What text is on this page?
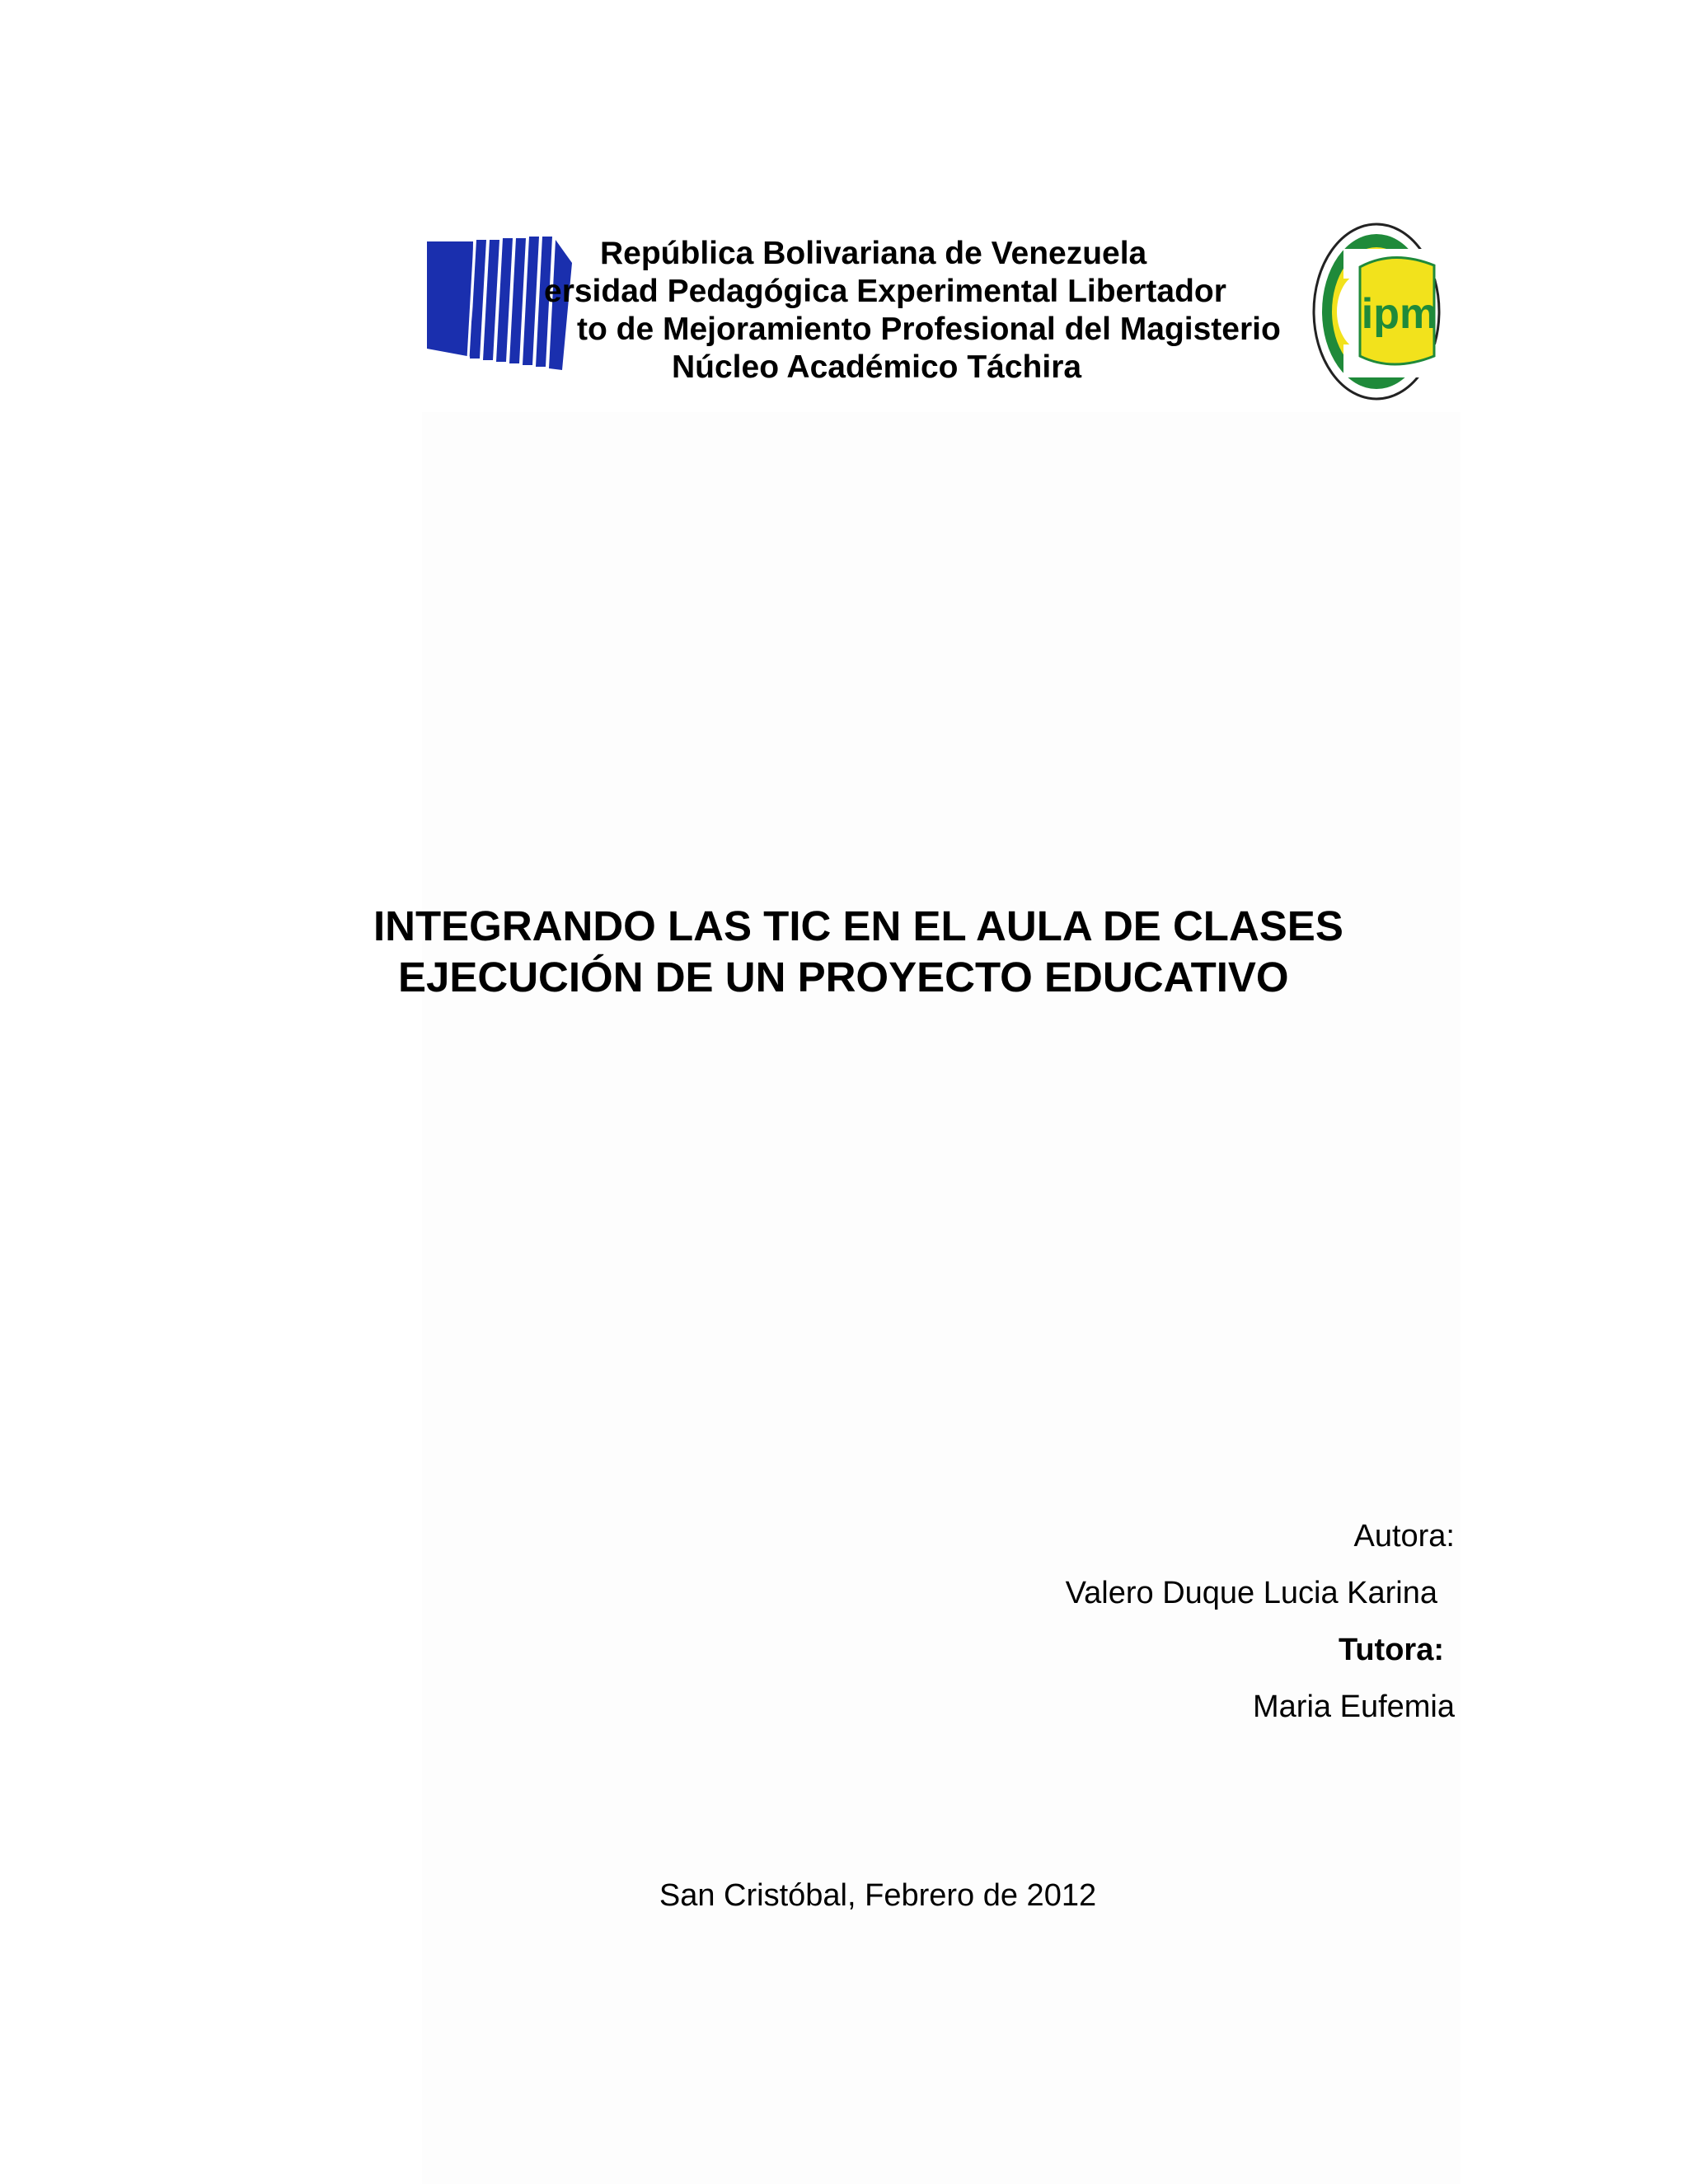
ipm

República Bolivariana de Venezuela

ersidad Pedagógica Experimental Libertador

to de Mejoramiento Profesional del Magisterio

Núcleo Académico Táchira

INTEGRANDO LAS TIC EN EL AULA DE CLASES

EJECUCIÓN DE UN PROYECTO EDUCATIVO

Autora:

Valero Duque Lucia Karina

Tutora:

Maria Eufemia

San Cristóbal, Febrero de 2012
